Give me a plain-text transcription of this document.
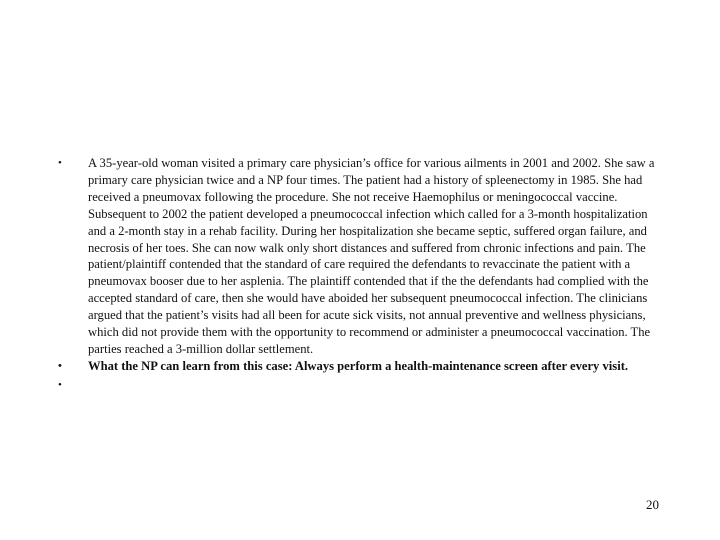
• A 35-year-old woman visited a primary care physician’s office for various ailments in 2001 and 2002. She saw a primary care physician twice and a NP four times. The patient had a history of spleenectomy in 1985. She had received a pneumovax following the procedure. She not receive Haemophilus or meningococcal vaccine. Subsequent to 2002 the patient developed a pneumococcal infection which called for a 3-month hospitalization and a 2-month stay in a rehab facility. During her hospitalization she became septic, suffered organ failure, and necrosis of her toes. She can now walk only short distances and suffered from chronic infections and pain. The patient/plaintiff contended that the standard of care required the defendants to revaccinate the patient with a pneumovax booser due to her asplenia. The plaintiff contended that if the the defendants had complied with the accepted standard of care, then she would have aboided her subsequent pneumococcal infection. The clinicians argued that the patient’s visits had all been for acute sick visits, not annual preventive and wellness physicians, which did not provide them with the opportunity to recommend or administer a pneumococcal vaccination. The parties reached a 3-million dollar settlement.
• What the NP can learn from this case: Always perform a health-maintenance screen after every visit.
•
20
